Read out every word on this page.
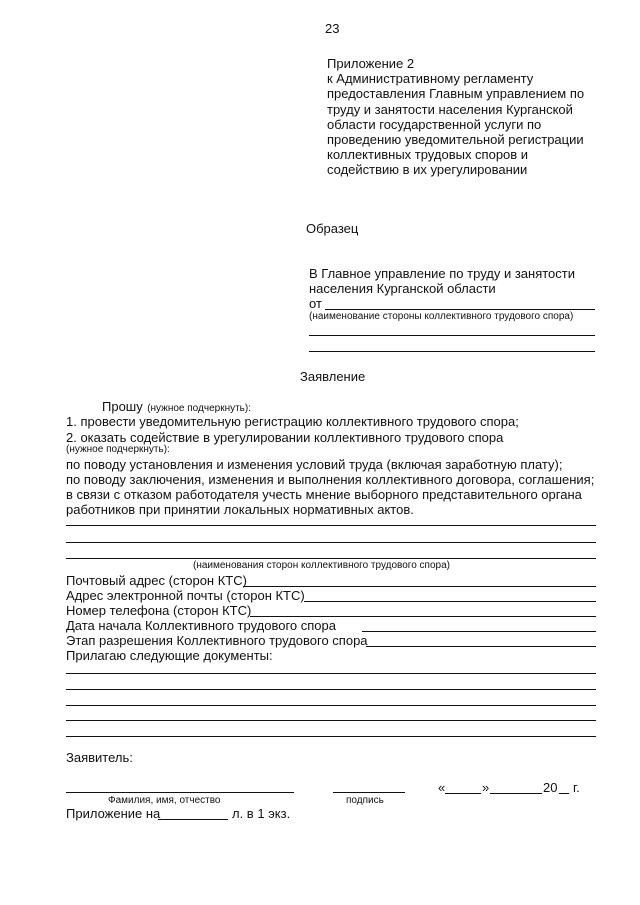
23
Приложение 2
к Административному регламенту
предоставления Главным управлением по
труду и занятости населения Курганской
области государственной услуги по
проведению уведомительной регистрации
коллективных трудовых споров и
содействию в их урегулировании
Образец
В Главное управление по труду и занятости
населения Курганской области
от
(наименование стороны коллективного трудового спора)
Заявление
Прошу (нужное подчеркнуть):
1. провести уведомительную регистрацию коллективного трудового спора;
2. оказать содействие в урегулировании коллективного трудового спора
(нужное подчеркнуть):
по поводу установления и изменения условий труда (включая заработную плату);
по поводу заключения, изменения и выполнения коллективного договора, соглашения;
в связи с отказом работодателя учесть мнение выборного представительного органа
работников при принятии локальных нормативных актов.
(наименования сторон коллективного трудового спора)
Почтовый адрес (сторон КТС)
Адрес электронной почты (сторон КТС)
Номер телефона (сторон КТС)
Дата начала Коллективного трудового спора
Этап разрешения Коллективного трудового спора
Прилагаю следующие документы:
Заявитель:
Фамилия, имя, отчество	подпись
«	»	20 г.
Приложение на	л. в 1 экз.
